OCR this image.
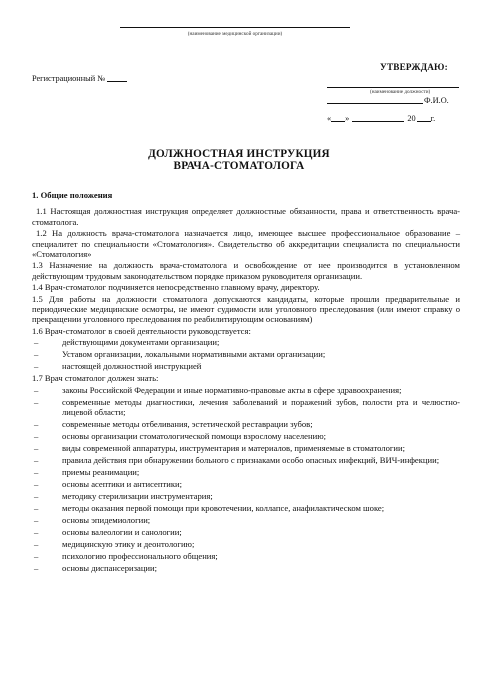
(наименование медицинской организации)
Регистрационный №
УТВЕРЖДАЮ:
(наименование должности)
Ф.И.О.
« »	20 г.
ДОЛЖНОСТНАЯ ИНСТРУКЦИЯ
ВРАЧА-СТОМАТОЛОГА
1. Общие положения

1.1 Настоящая должностная инструкция определяет должностные обязанности, права и ответственность врача-стоматолога.

1.2 На должность врача-стоматолога назначается лицо, имеющее высшее профессиональное образование – специалитет по специальности «Стоматология». Свидетельство об аккредитации специалиста по специальности «Стоматология»

1.3 Назначение на должность врача-стоматолога и освобождение от нее производится в установленном действующим трудовым законодательством порядке приказом руководителя организации.

1.4 Врач-стоматолог подчиняется непосредственно главному врачу, директору.

1.5 Для работы на должности стоматолога допускаются кандидаты, которые прошли предварительные и периодические медицинские осмотры, не имеют судимости или уголовного преследования (или имеют справку о прекращении уголовного преследования по реабилитирующим основаниям)

1.6 Врач-стоматолог в своей деятельности руководствуется:

–	действующими документами организации;
–	Уставом организации, локальными нормативными актами организации;
–	настоящей должностной инструкцией

1.7 Врач стоматолог должен знать:

–	законы Российской Федерации и иные нормативно-правовые акты в сфере здравоохранения;
–	современные методы диагностики, лечения заболеваний и поражений зубов, полости рта и челюстно-лицевой области;
–	современные методы отбеливания, эстетической реставрации зубов;
–	основы организации стоматологической помощи взрослому населению;
–	виды современной аппаратуры, инструментария и материалов, применяемые в стоматологии;
–	правила действия при обнаружении больного с признаками особо опасных инфекций, ВИЧ-инфекции;
–	приемы реанимации;
–	основы асептики и антисептики;
–	методику стерилизации инструментария;
–	методы оказания первой помощи при кровотечении, коллапсе, анафилактическом шоке;
–	основы эпидемиологии;
–	основы валеологии и санологии;
–	медицинскую этику и деонтологию;
–	психологию профессионального общения;
–	основы диспансеризации;
